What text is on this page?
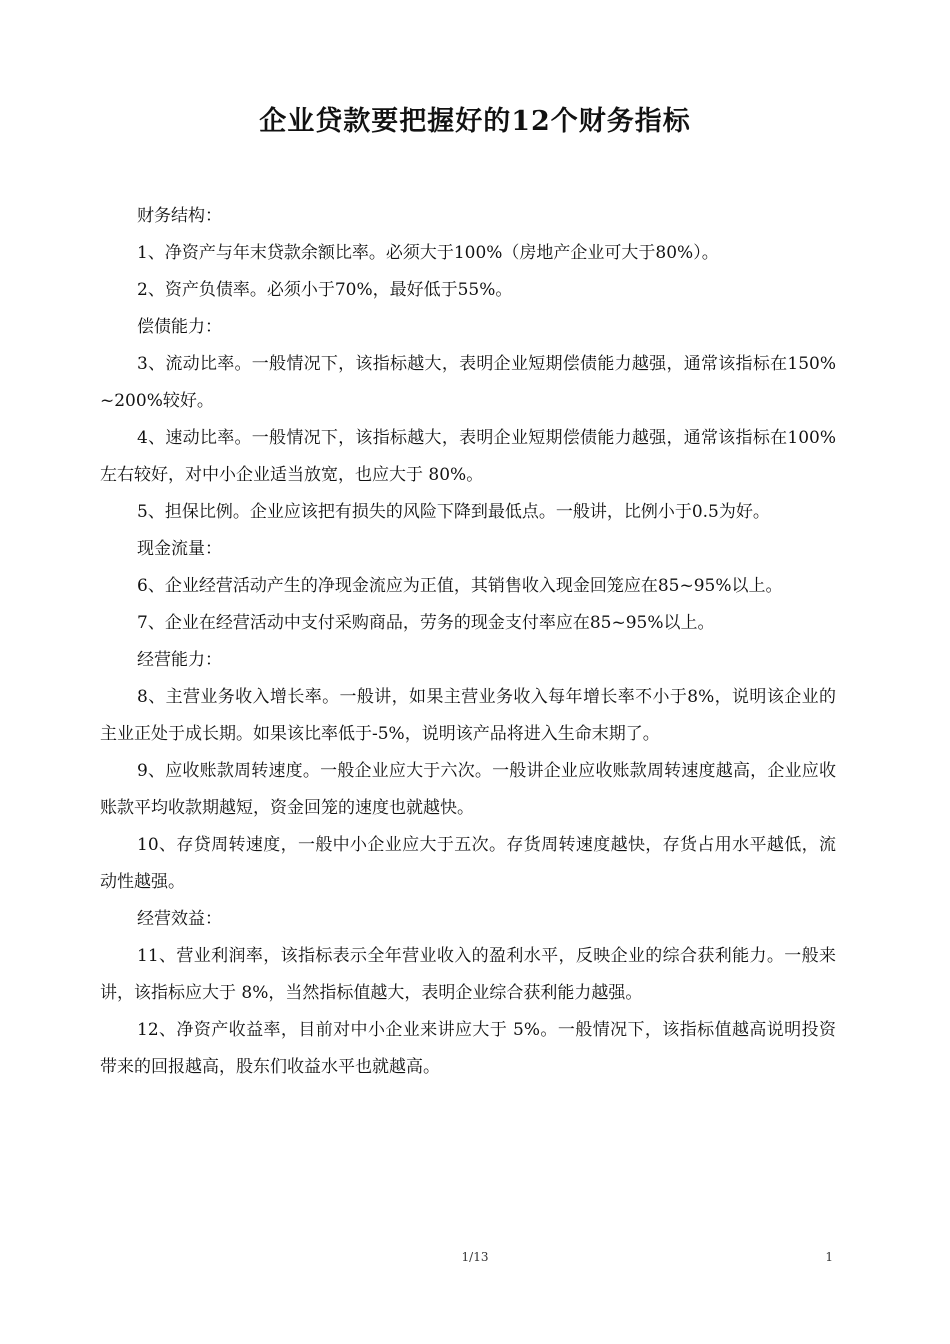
企业贷款要把握好的12个财务指标

财务结构：

1、净资产与年末贷款余额比率。必须大于100%（房地产企业可大于80%）。

2、资产负债率。必须小于70%，最好低于55%。

偿债能力：

3、流动比率。一般情况下，该指标越大，表明企业短期偿债能力越强，通常该指标在150%~200%较好。

4、速动比率。一般情况下，该指标越大，表明企业短期偿债能力越强，通常该指标在100%左右较好，对中小企业适当放宽，也应大于 80%。

5、担保比例。企业应该把有损失的风险下降到最低点。一般讲，比例小于0.5为好。

现金流量：

6、企业经营活动产生的净现金流应为正值，其销售收入现金回笼应在85~95%以上。

7、企业在经营活动中支付采购商品，劳务的现金支付率应在85~95%以上。

经营能力：

8、主营业务收入增长率。一般讲，如果主营业务收入每年增长率不小于8%，说明该企业的主业正处于成长期。如果该比率低于-5%，说明该产品将进入生命末期了。

9、应收账款周转速度。一般企业应大于六次。一般讲企业应收账款周转速度越高，企业应收账款平均收款期越短，资金回笼的速度也就越快。

10、存贷周转速度，一般中小企业应大于五次。存货周转速度越快，存货占用水平越低，流动性越强。

经营效益：

11、营业利润率，该指标表示全年营业收入的盈利水平，反映企业的综合获利能力。一般来讲，该指标应大于 8%，当然指标值越大，表明企业综合获利能力越强。

12、净资产收益率，目前对中小企业来讲应大于 5%。一般情况下，该指标值越高说明投资带来的回报越高，股东们收益水平也就越高。

1/13	1
